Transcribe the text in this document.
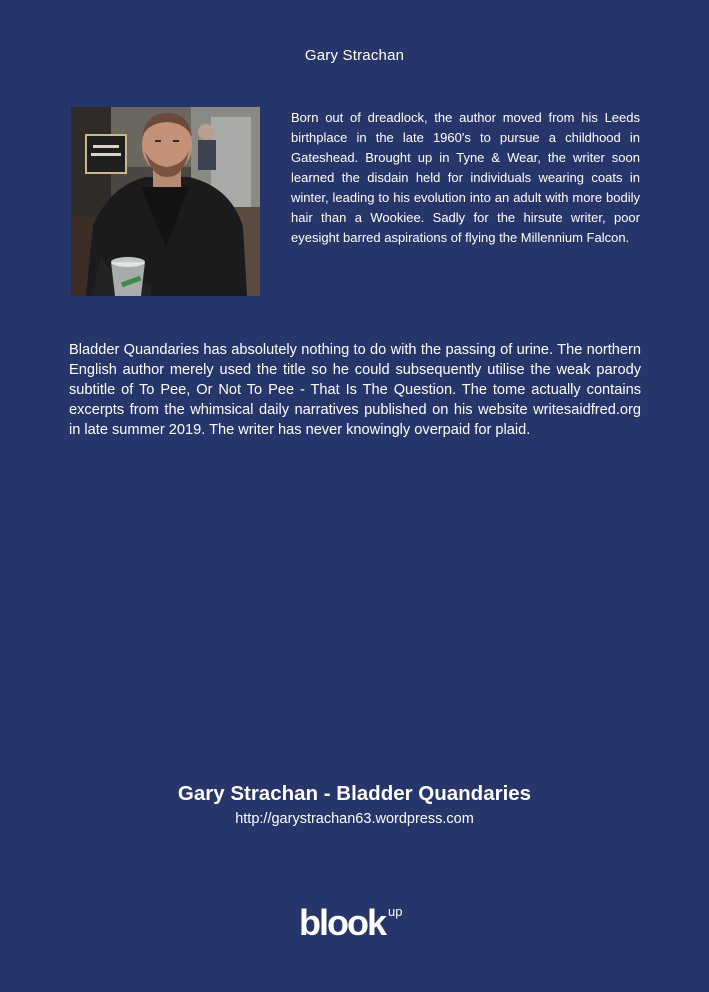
Gary Strachan
Born out of dreadlock, the author moved from his Leeds birthplace in the late 1960's to pursue a childhood in Gateshead. Brought up in Tyne & Wear, the writer soon learned the disdain held for individuals wearing coats in winter, leading to his evolution into an adult with more bodily hair than a Wookiee. Sadly for the hirsute writer, poor eyesight barred aspirations of flying the Millennium Falcon.
Bladder Quandaries has absolutely nothing to do with the passing of urine. The northern English author merely used the title so he could subsequently utilise the weak parody subtitle of To Pee, Or Not To Pee - That Is The Question. The tome actually contains excerpts from the whimsical daily narratives published on his website writesaidfred.org in late summer 2019. The writer has never knowingly overpaid for plaid.
Gary Strachan - Bladder Quandaries
http://garystrachan63.wordpress.com
blook up
